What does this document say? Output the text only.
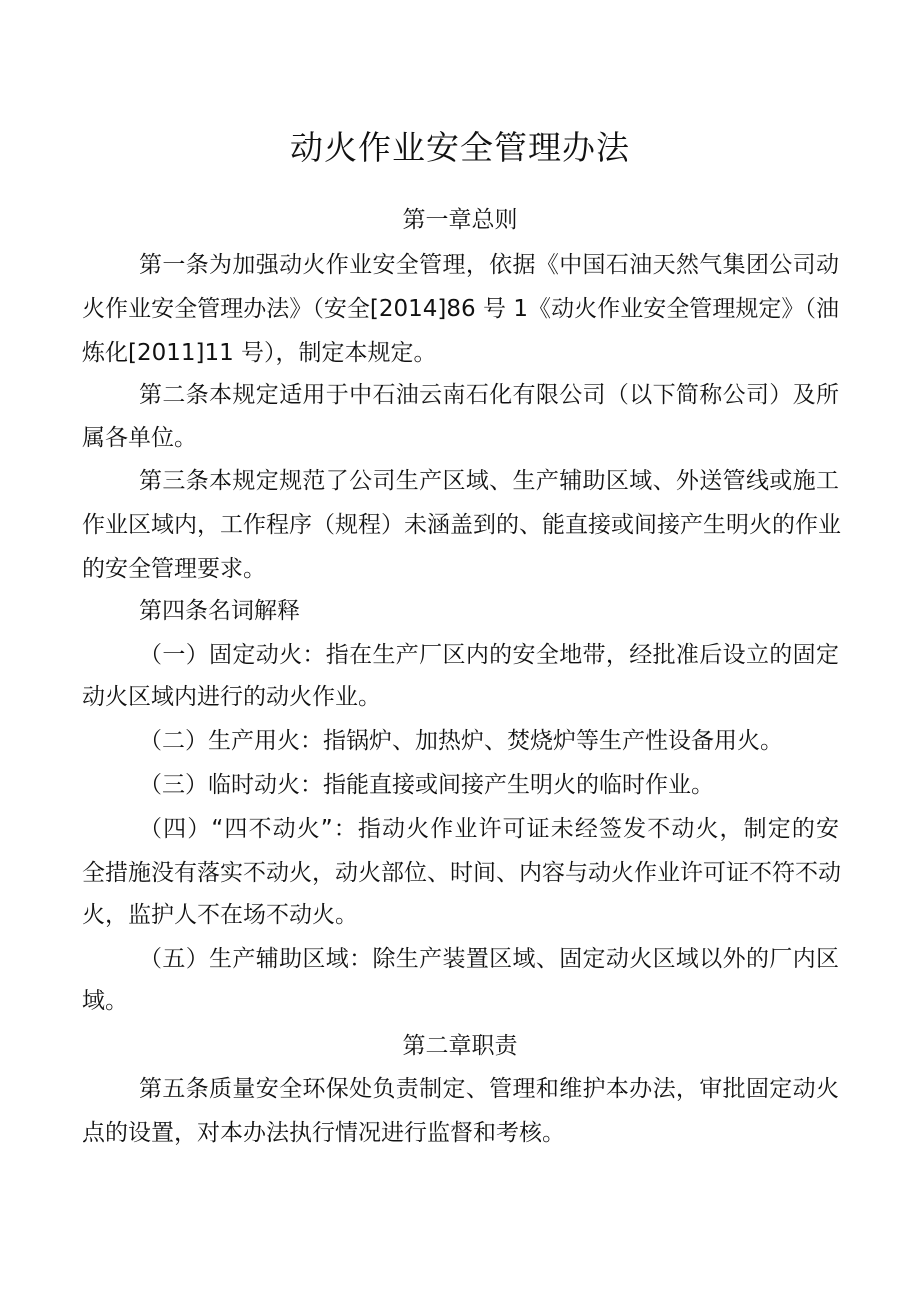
动火作业安全管理办法
第一章总则
第一条为加强动火作业安全管理，依据《中国石油天然气集团公司动
火作业安全管理办法》（安全[2014]86 号 1《动火作业安全管理规定》（油
炼化[2011]11 号），制定本规定。
第二条本规定适用于中石油云南石化有限公司（以下简称公司）及所
属各单位。
第三条本规定规范了公司生产区域、生产辅助区域、外送管线或施工
作业区域内，工作程序（规程）未涵盖到的、能直接或间接产生明火的作业
的安全管理要求。
第四条名词解释
（一）固定动火：指在生产厂区内的安全地带，经批准后设立的固定
动火区域内进行的动火作业。
（二）生产用火：指锅炉、加热炉、焚烧炉等生产性设备用火。
（三）临时动火：指能直接或间接产生明火的临时作业。
（四）“四不动火”：指动火作业许可证未经签发不动火，制定的安
全措施没有落实不动火，动火部位、时间、内容与动火作业许可证不符不动
火，监护人不在场不动火。
（五）生产辅助区域：除生产装置区域、固定动火区域以外的厂内区
域。
第二章职责
第五条质量安全环保处负责制定、管理和维护本办法，审批固定动火
点的设置，对本办法执行情况进行监督和考核。
